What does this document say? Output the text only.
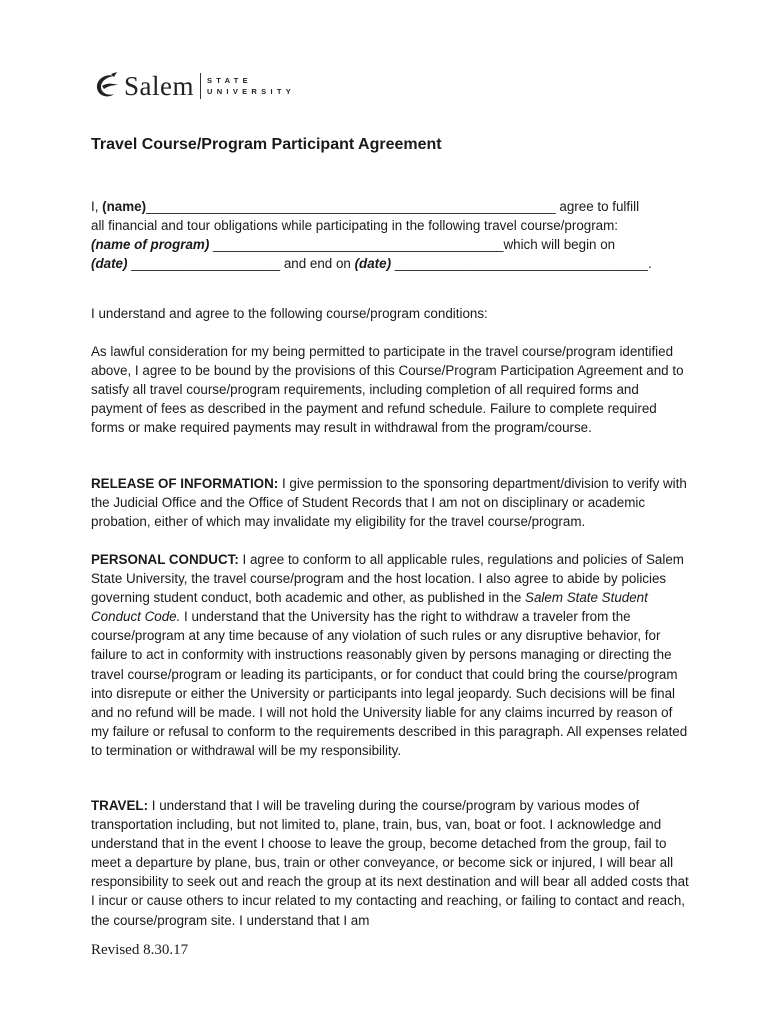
Salem STATE
UNIVERSITY
Travel Course/Program Participant Agreement

I, (name)_______________________________________________________ agree to fulfill

all financial and tour obligations while participating in the following travel course/program:

(name of program) _______________________________________which will begin on

(date) ____________________ and end on (date) __________________________________.

I understand and agree to the following course/program conditions:

As lawful consideration for my being permitted to participate in the travel course/program identified above, I agree to be bound by the provisions of this Course/Program Participation Agreement and to satisfy all travel course/program requirements, including completion of all required forms and payment of fees as described in the payment and refund schedule. Failure to complete required forms or make required payments may result in withdrawal from the program/course.

RELEASE OF INFORMATION: I give permission to the sponsoring department/division to verify with the Judicial Office and the Office of Student Records that I am not on disciplinary or academic probation, either of which may invalidate my eligibility for the travel course/program.

PERSONAL CONDUCT: I agree to conform to all applicable rules, regulations and policies of Salem State University, the travel course/program and the host location. I also agree to abide by policies governing student conduct, both academic and other, as published in the Salem State Student Conduct Code. I understand that the University has the right to withdraw a traveler from the course/program at any time because of any violation of such rules or any disruptive behavior, for failure to act in conformity with instructions reasonably given by persons managing or directing the travel course/program or leading its participants, or for conduct that could bring the course/program into disrepute or either the University or participants into legal jeopardy. Such decisions will be final and no refund will be made. I will not hold the University liable for any claims incurred by reason of my failure or refusal to conform to the requirements described in this paragraph. All expenses related to termination or withdrawal will be my responsibility.

TRAVEL: I understand that I will be traveling during the course/program by various modes of transportation including, but not limited to, plane, train, bus, van, boat or foot. I acknowledge and understand that in the event I choose to leave the group, become detached from the group, fail to meet a departure by plane, bus, train or other conveyance, or become sick or injured, I will bear all responsibility to seek out and reach the group at its next destination and will bear all added costs that I incur or cause others to incur related to my contacting and reaching, or failing to contact and reach, the course/program site. I understand that I am

Revised 8.30.17
